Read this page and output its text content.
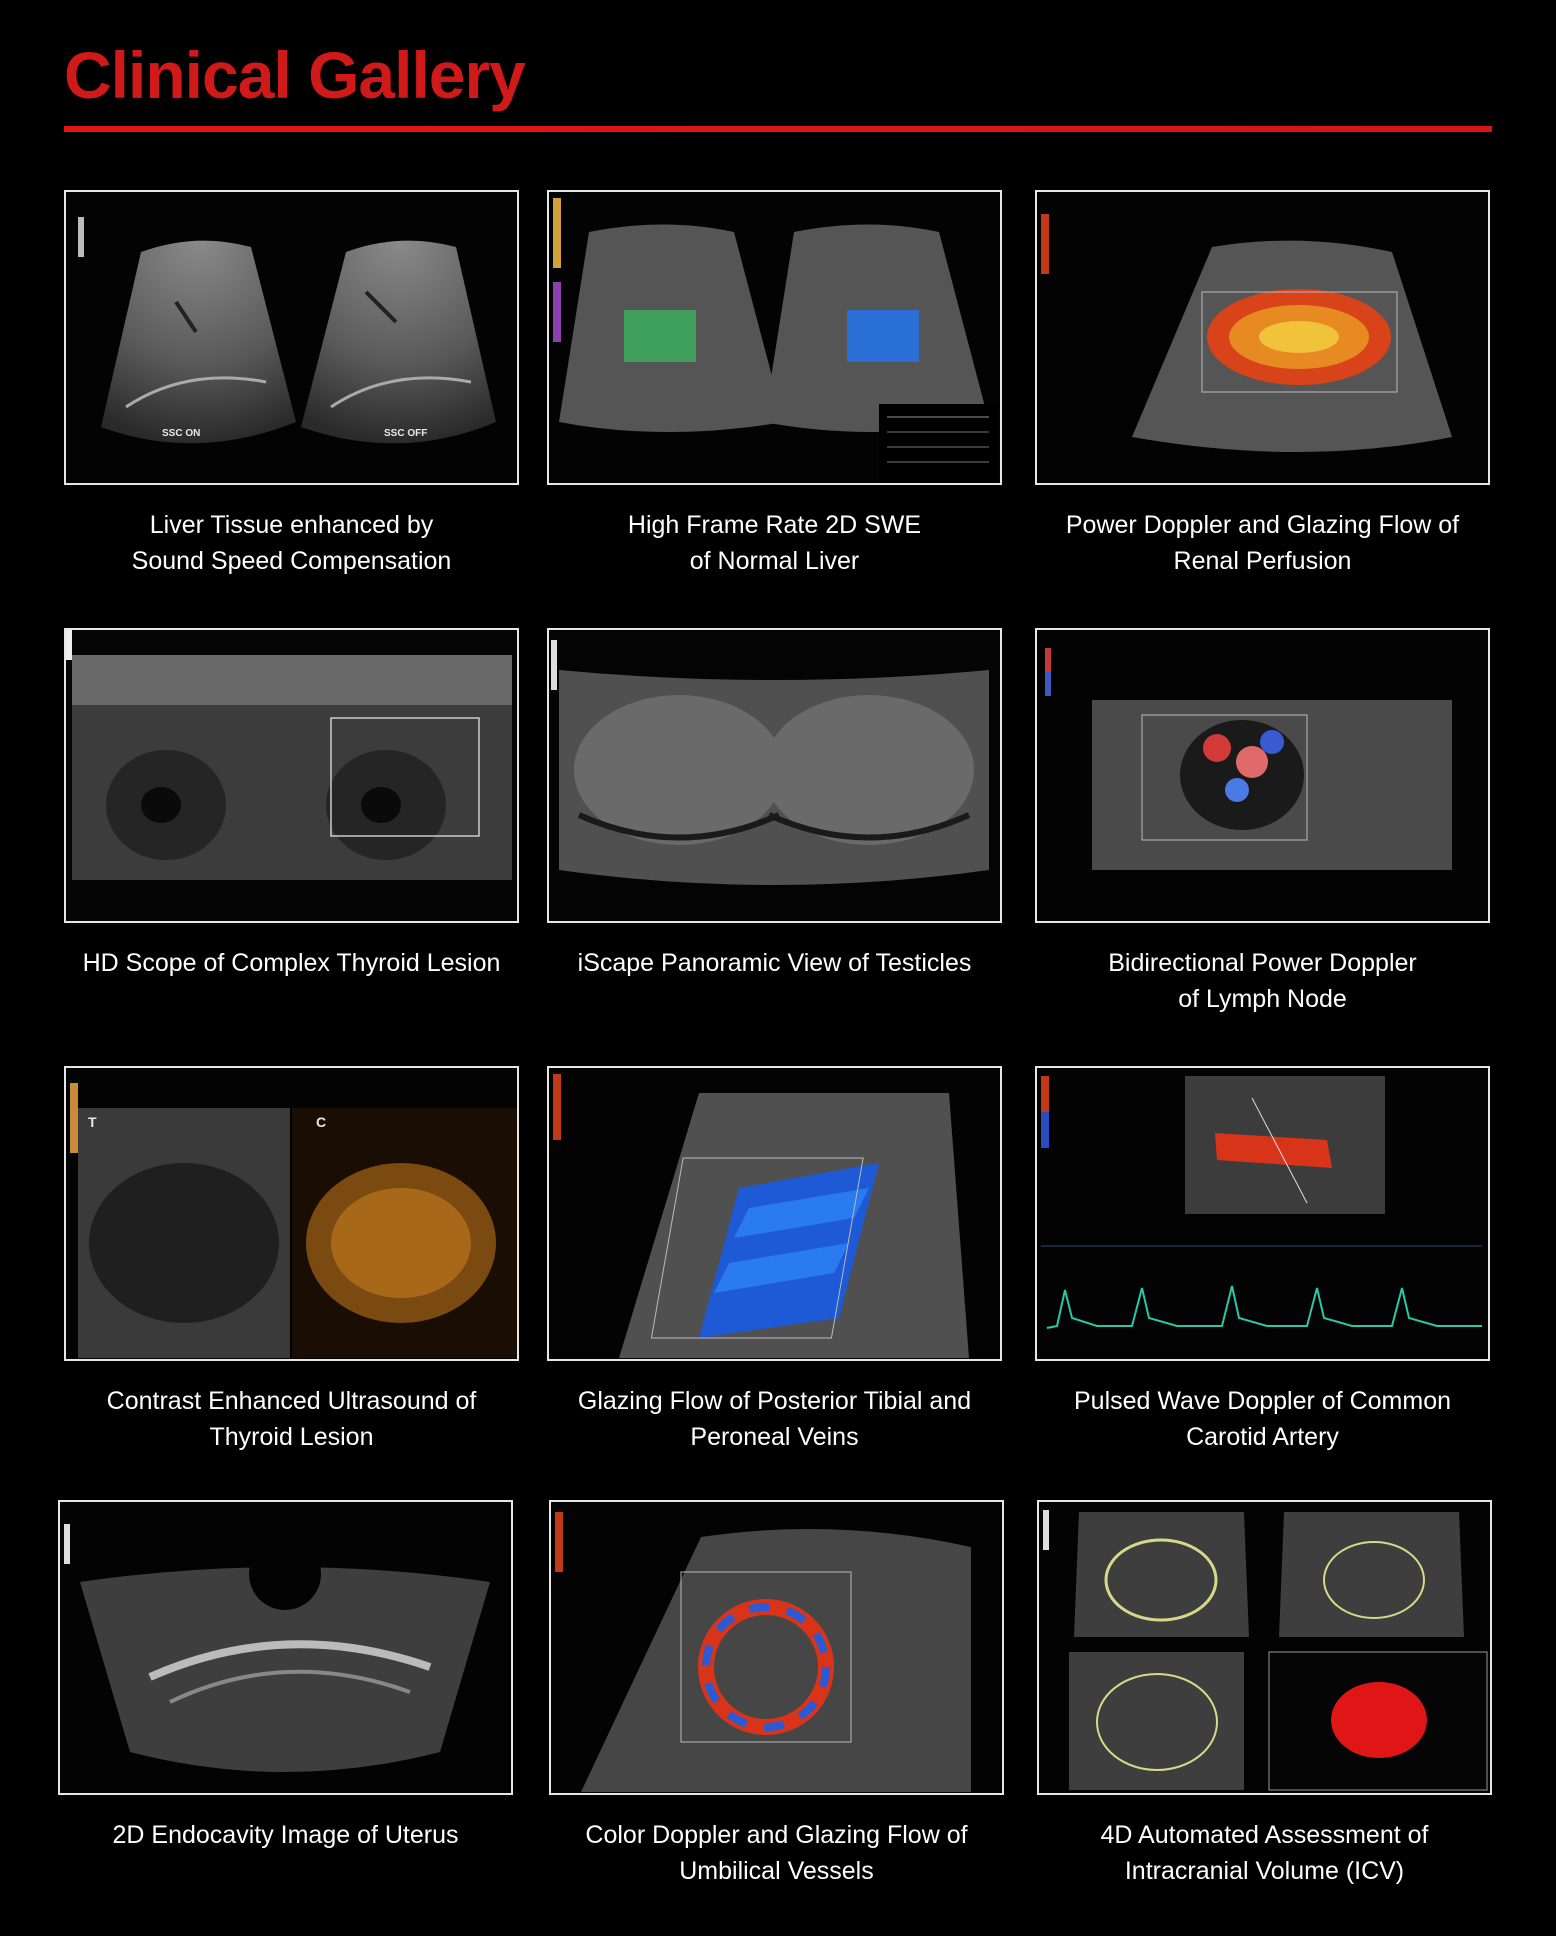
Clinical Gallery
SSC ON	SSC OFF
Liver Tissue enhanced by
Sound Speed Compensation
High Frame Rate 2D SWE
of Normal Liver
Power Doppler and Glazing Flow of
Renal Perfusion
HD Scope of Complex Thyroid Lesion	iScape Panoramic View of Testicles	Bidirectional Power Doppler
of Lymph Node
T	C
Contrast Enhanced Ultrasound of
Thyroid Lesion
Glazing Flow of Posterior Tibial and
Peroneal Veins
Pulsed Wave Doppler of Common
Carotid Artery
2D Endocavity Image of Uterus	Color Doppler and Glazing Flow of
Umbilical Vessels
4D Automated Assessment of
Intracranial Volume (ICV)
